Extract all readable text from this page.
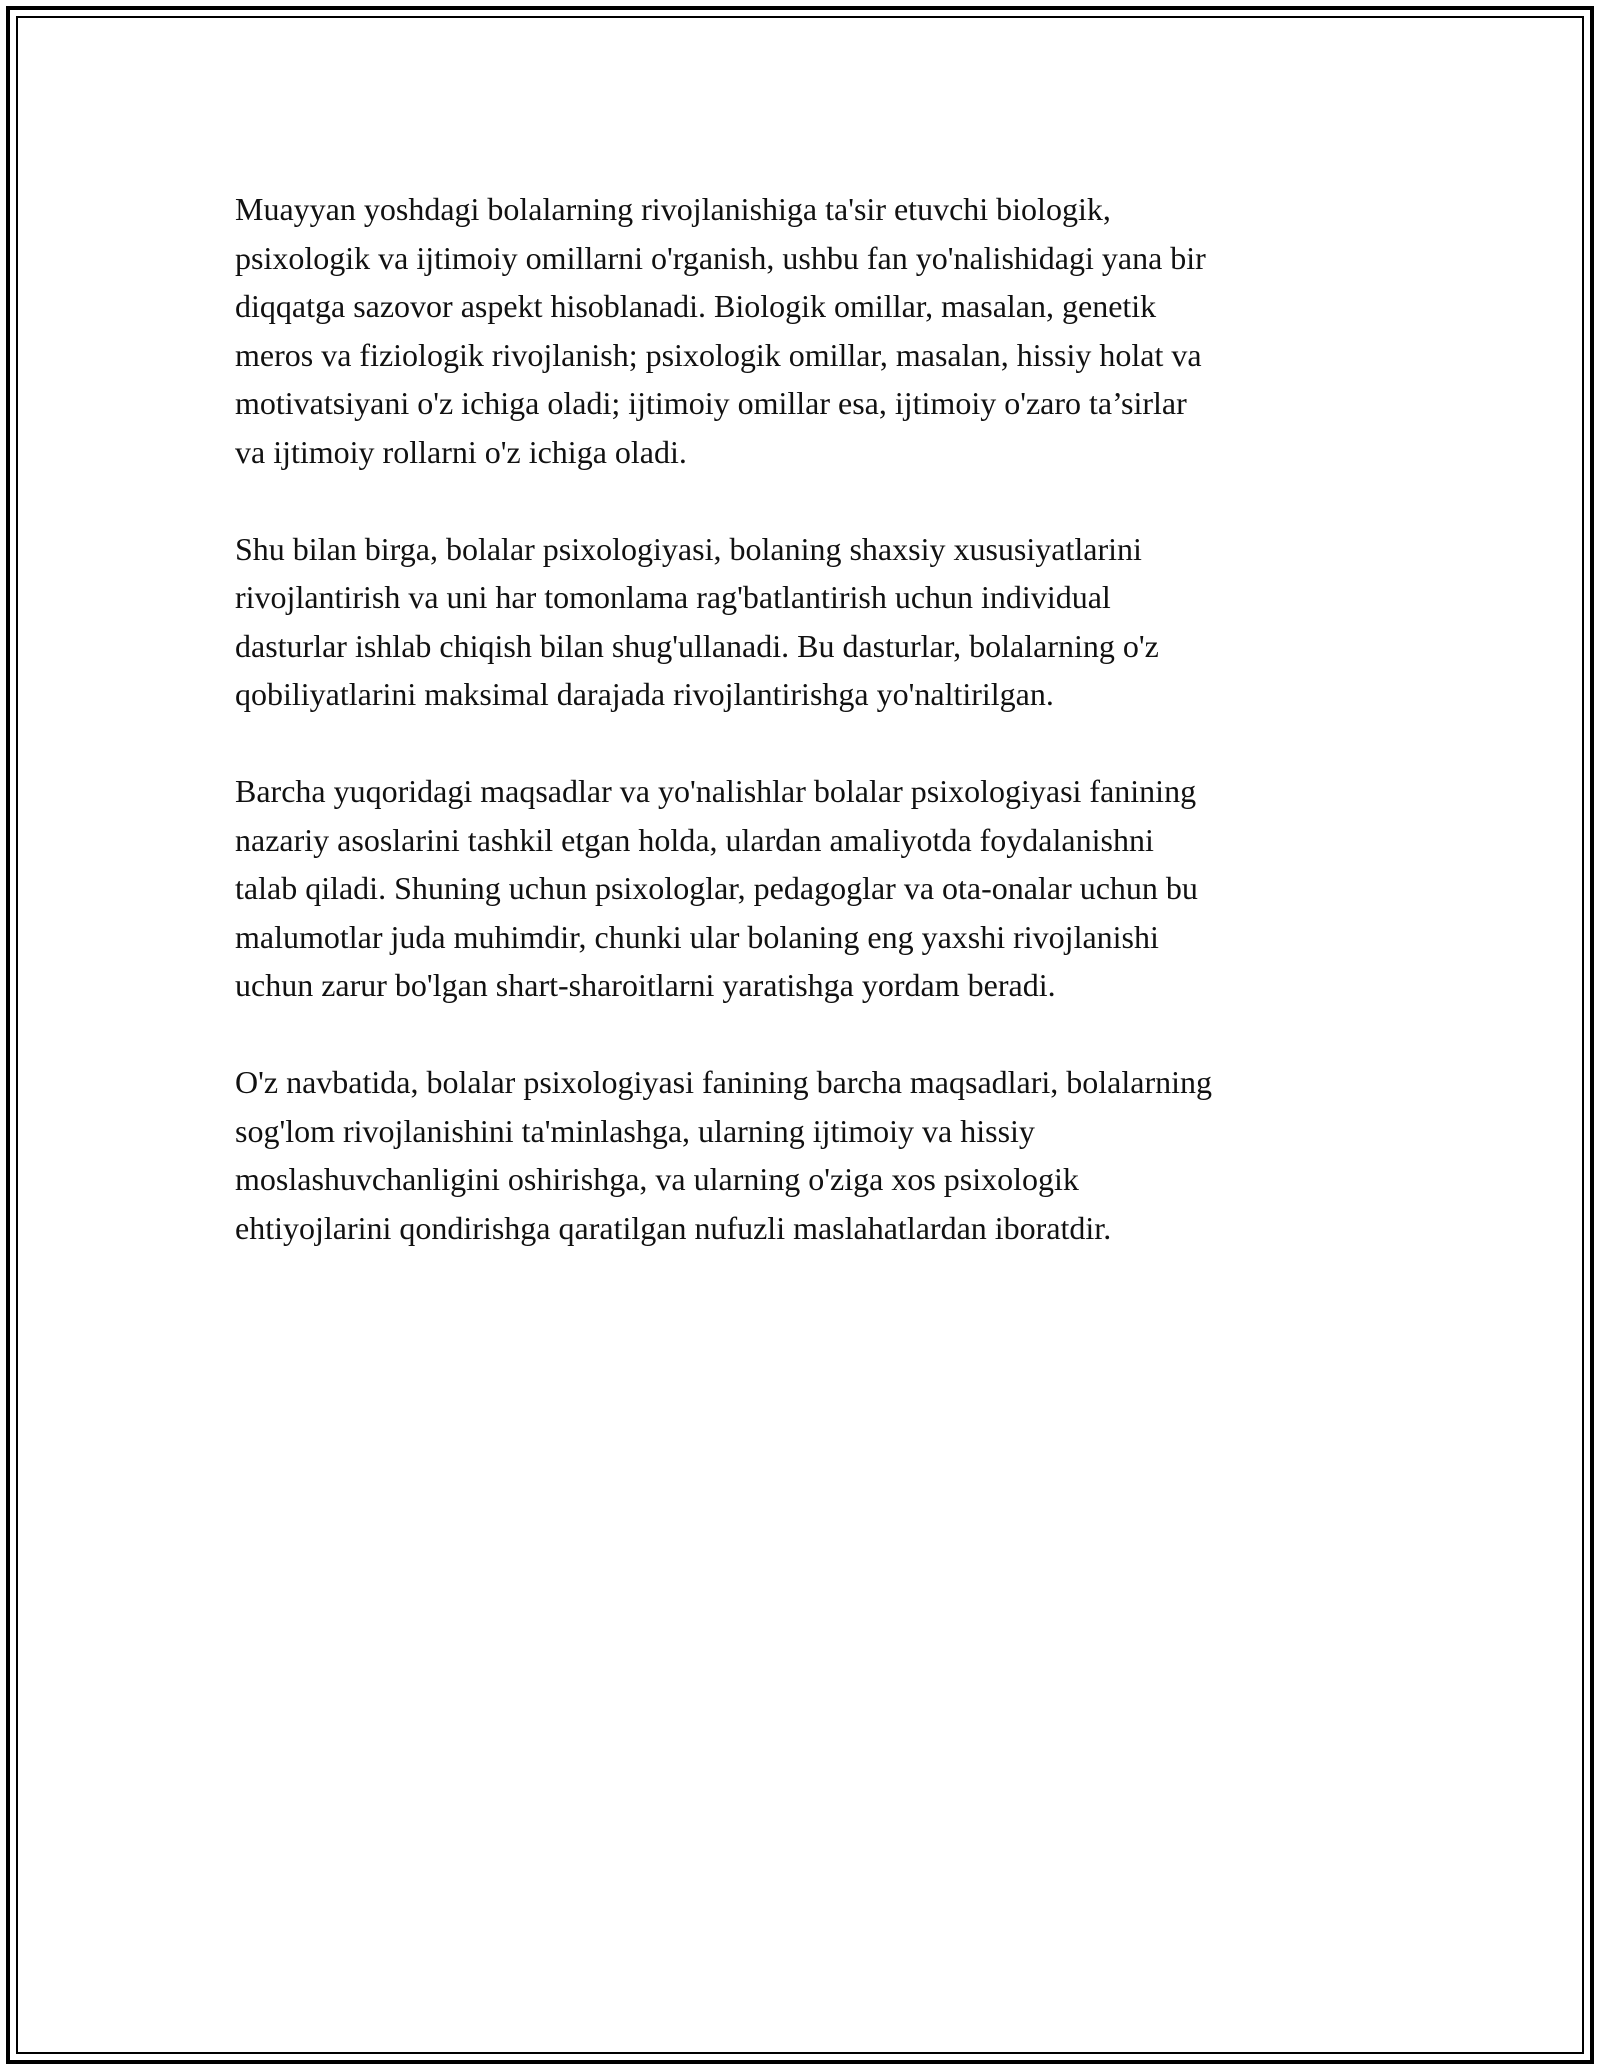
Muayyan yoshdagi bolalarning rivojlanishiga ta'sir etuvchi biologik,
psixologik va ijtimoiy omillarni o'rganish, ushbu fan yo'nalishidagi yana bir
diqqatga sazovor aspekt hisoblanadi. Biologik omillar, masalan, genetik
meros va fiziologik rivojlanish; psixologik omillar, masalan, hissiy holat va
motivatsiyani o'z ichiga oladi; ijtimoiy omillar esa, ijtimoiy o'zaro ta’sirlar
va ijtimoiy rollarni o'z ichiga oladi.

Shu bilan birga, bolalar psixologiyasi, bolaning shaxsiy xususiyatlarini
rivojlantirish va uni har tomonlama rag'batlantirish uchun individual
dasturlar ishlab chiqish bilan shug'ullanadi. Bu dasturlar, bolalarning o'z
qobiliyatlarini maksimal darajada rivojlantirishga yo'naltirilgan.

Barcha yuqoridagi maqsadlar va yo'nalishlar bolalar psixologiyasi fanining
nazariy asoslarini tashkil etgan holda, ulardan amaliyotda foydalanishni
talab qiladi. Shuning uchun psixologlar, pedagoglar va ota-onalar uchun bu
malumotlar juda muhimdir, chunki ular bolaning eng yaxshi rivojlanishi
uchun zarur bo'lgan shart-sharoitlarni yaratishga yordam beradi.

O'z navbatida, bolalar psixologiyasi fanining barcha maqsadlari, bolalarning
sog'lom rivojlanishini ta'minlashga, ularning ijtimoiy va hissiy
moslashuvchanligini oshirishga, va ularning o'ziga xos psixologik
ehtiyojlarini qondirishga qaratilgan nufuzli maslahatlardan iboratdir.
